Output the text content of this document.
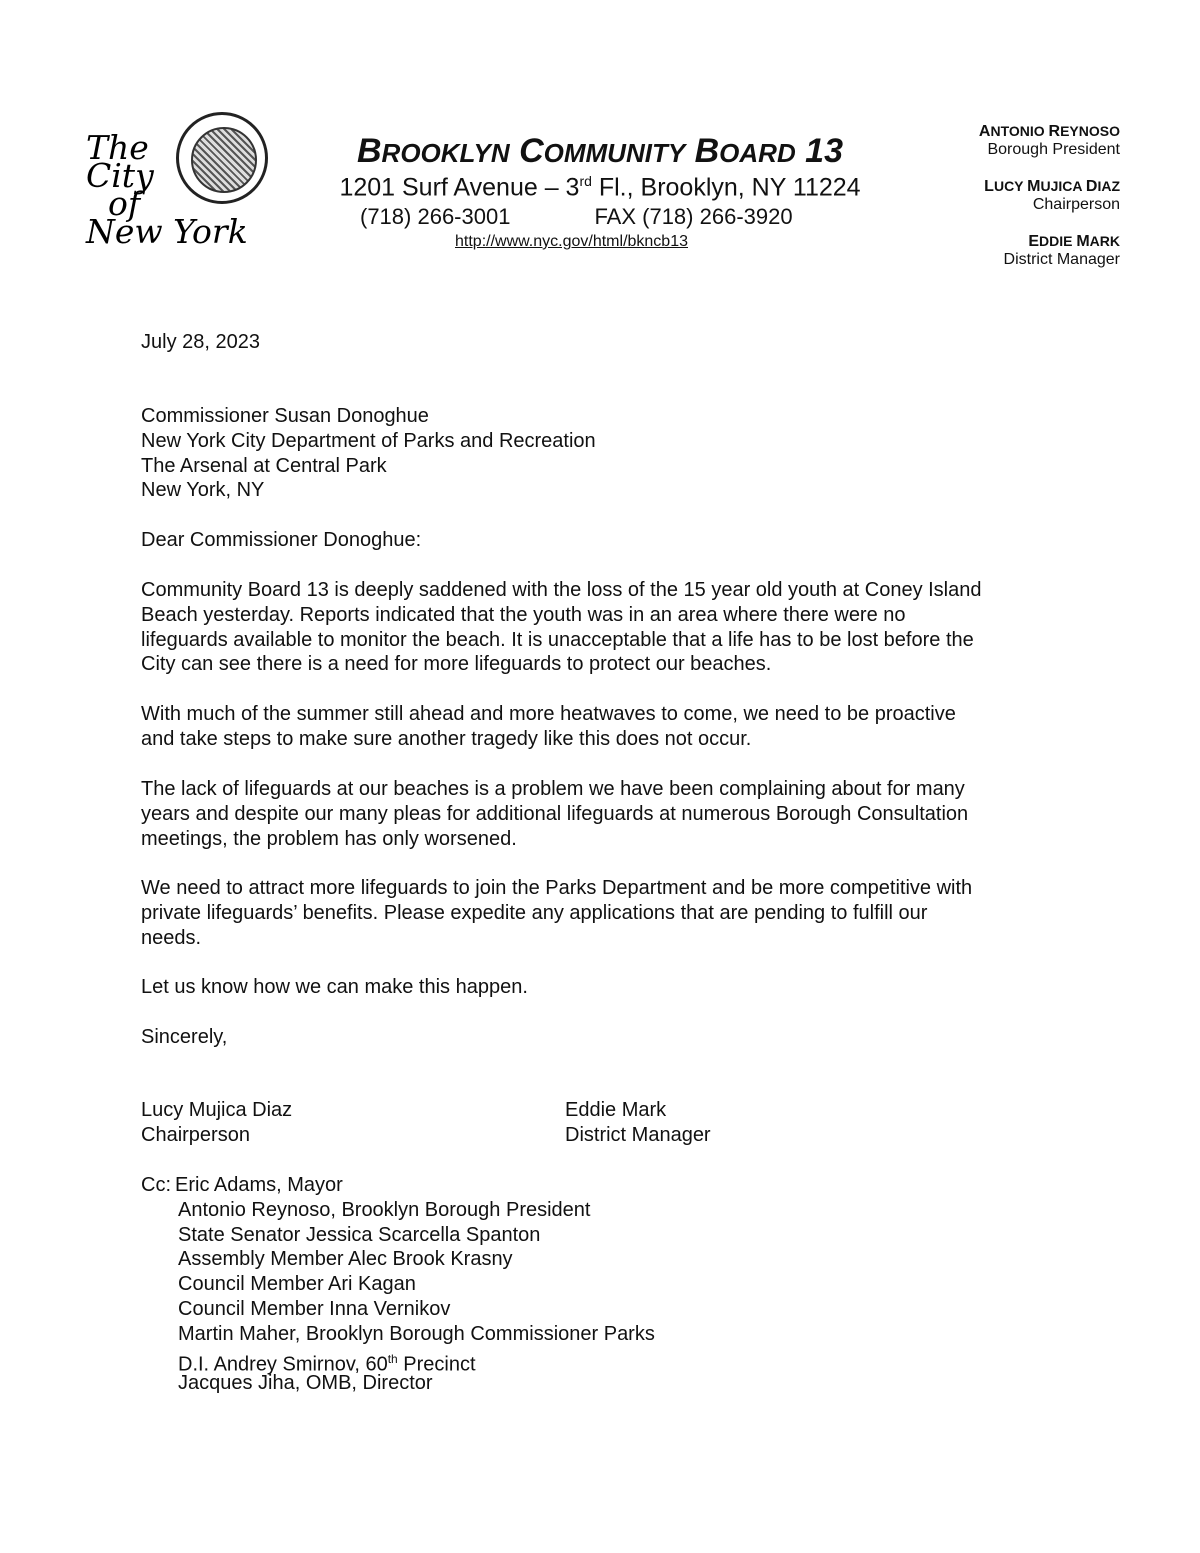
The
City
of
New York
BROOKLYN COMMUNITY BOARD 13
1201 Surf Avenue – 3rd Fl., Brooklyn, NY 11224
(718) 266-3001	FAX (718) 266-3920
http://www.nyc.gov/html/bkncb13
ANTONIO REYNOSO
Borough President
LUCY MUJICA DIAZ
Chairperson
EDDIE MARK
District Manager
July 28, 2023
Commissioner Susan Donoghue
New York City Department of Parks and Recreation
The Arsenal at Central Park
New York, NY
Dear Commissioner Donoghue:
Community Board 13 is deeply saddened with the loss of the 15 year old youth at Coney Island
Beach yesterday. Reports indicated that the youth was in an area where there were no
lifeguards available to monitor the beach. It is unacceptable that a life has to be lost before the
City can see there is a need for more lifeguards to protect our beaches.
With much of the summer still ahead and more heatwaves to come, we need to be proactive
and take steps to make sure another tragedy like this does not occur.
The lack of lifeguards at our beaches is a problem we have been complaining about for many
years and despite our many pleas for additional lifeguards at numerous Borough Consultation
meetings, the problem has only worsened.
We need to attract more lifeguards to join the Parks Department and be more competitive with
private lifeguards’ benefits. Please expedite any applications that are pending to fulfill our
needs.
Let us know how we can make this happen.
Sincerely,
Lucy Mujica Diaz
Chairperson
Eddie Mark
District Manager
Cc: Eric Adams, Mayor
Antonio Reynoso, Brooklyn Borough President
State Senator Jessica Scarcella Spanton
Assembly Member Alec Brook Krasny
Council Member Ari Kagan
Council Member Inna Vernikov
Martin Maher, Brooklyn Borough Commissioner Parks
D.I. Andrey Smirnov, 60th Precinct
Jacques Jiha, OMB, Director
